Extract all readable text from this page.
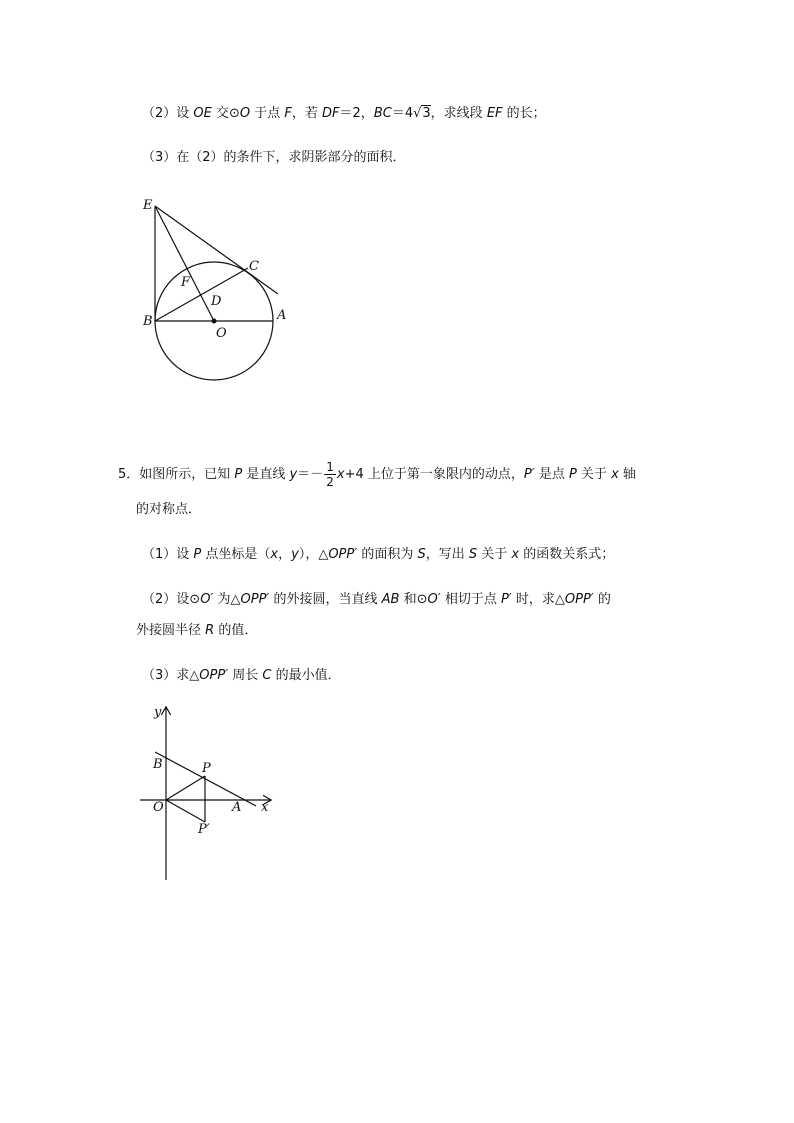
（2）设 OE 交⊙O 于点 F，若 DF＝2，BC＝4√3，求线段 EF 的长；
（3）在（2）的条件下，求阴影部分的面积．
E
C
F
D
B
O
A
5．如图所示，已知 P 是直线 $y=- \frac{1}{2} x+4$ 上位于第一象限内的动点，P′ 是点 P 关于 x 轴
的对称点．
（1）设 P 点坐标是（x，y），△OPP′ 的面积为 S，写出 S 关于 x 的函数关系式；
（2）设⊙O′ 为△OPP′ 的外接圆，当直线 AB 和⊙O′ 相切于点 P′ 时，求△OPP′ 的
外接圆半径 R 的值．
（3）求△OPP′ 周长 C 的最小值．
y
B	P
O	A x
P′
